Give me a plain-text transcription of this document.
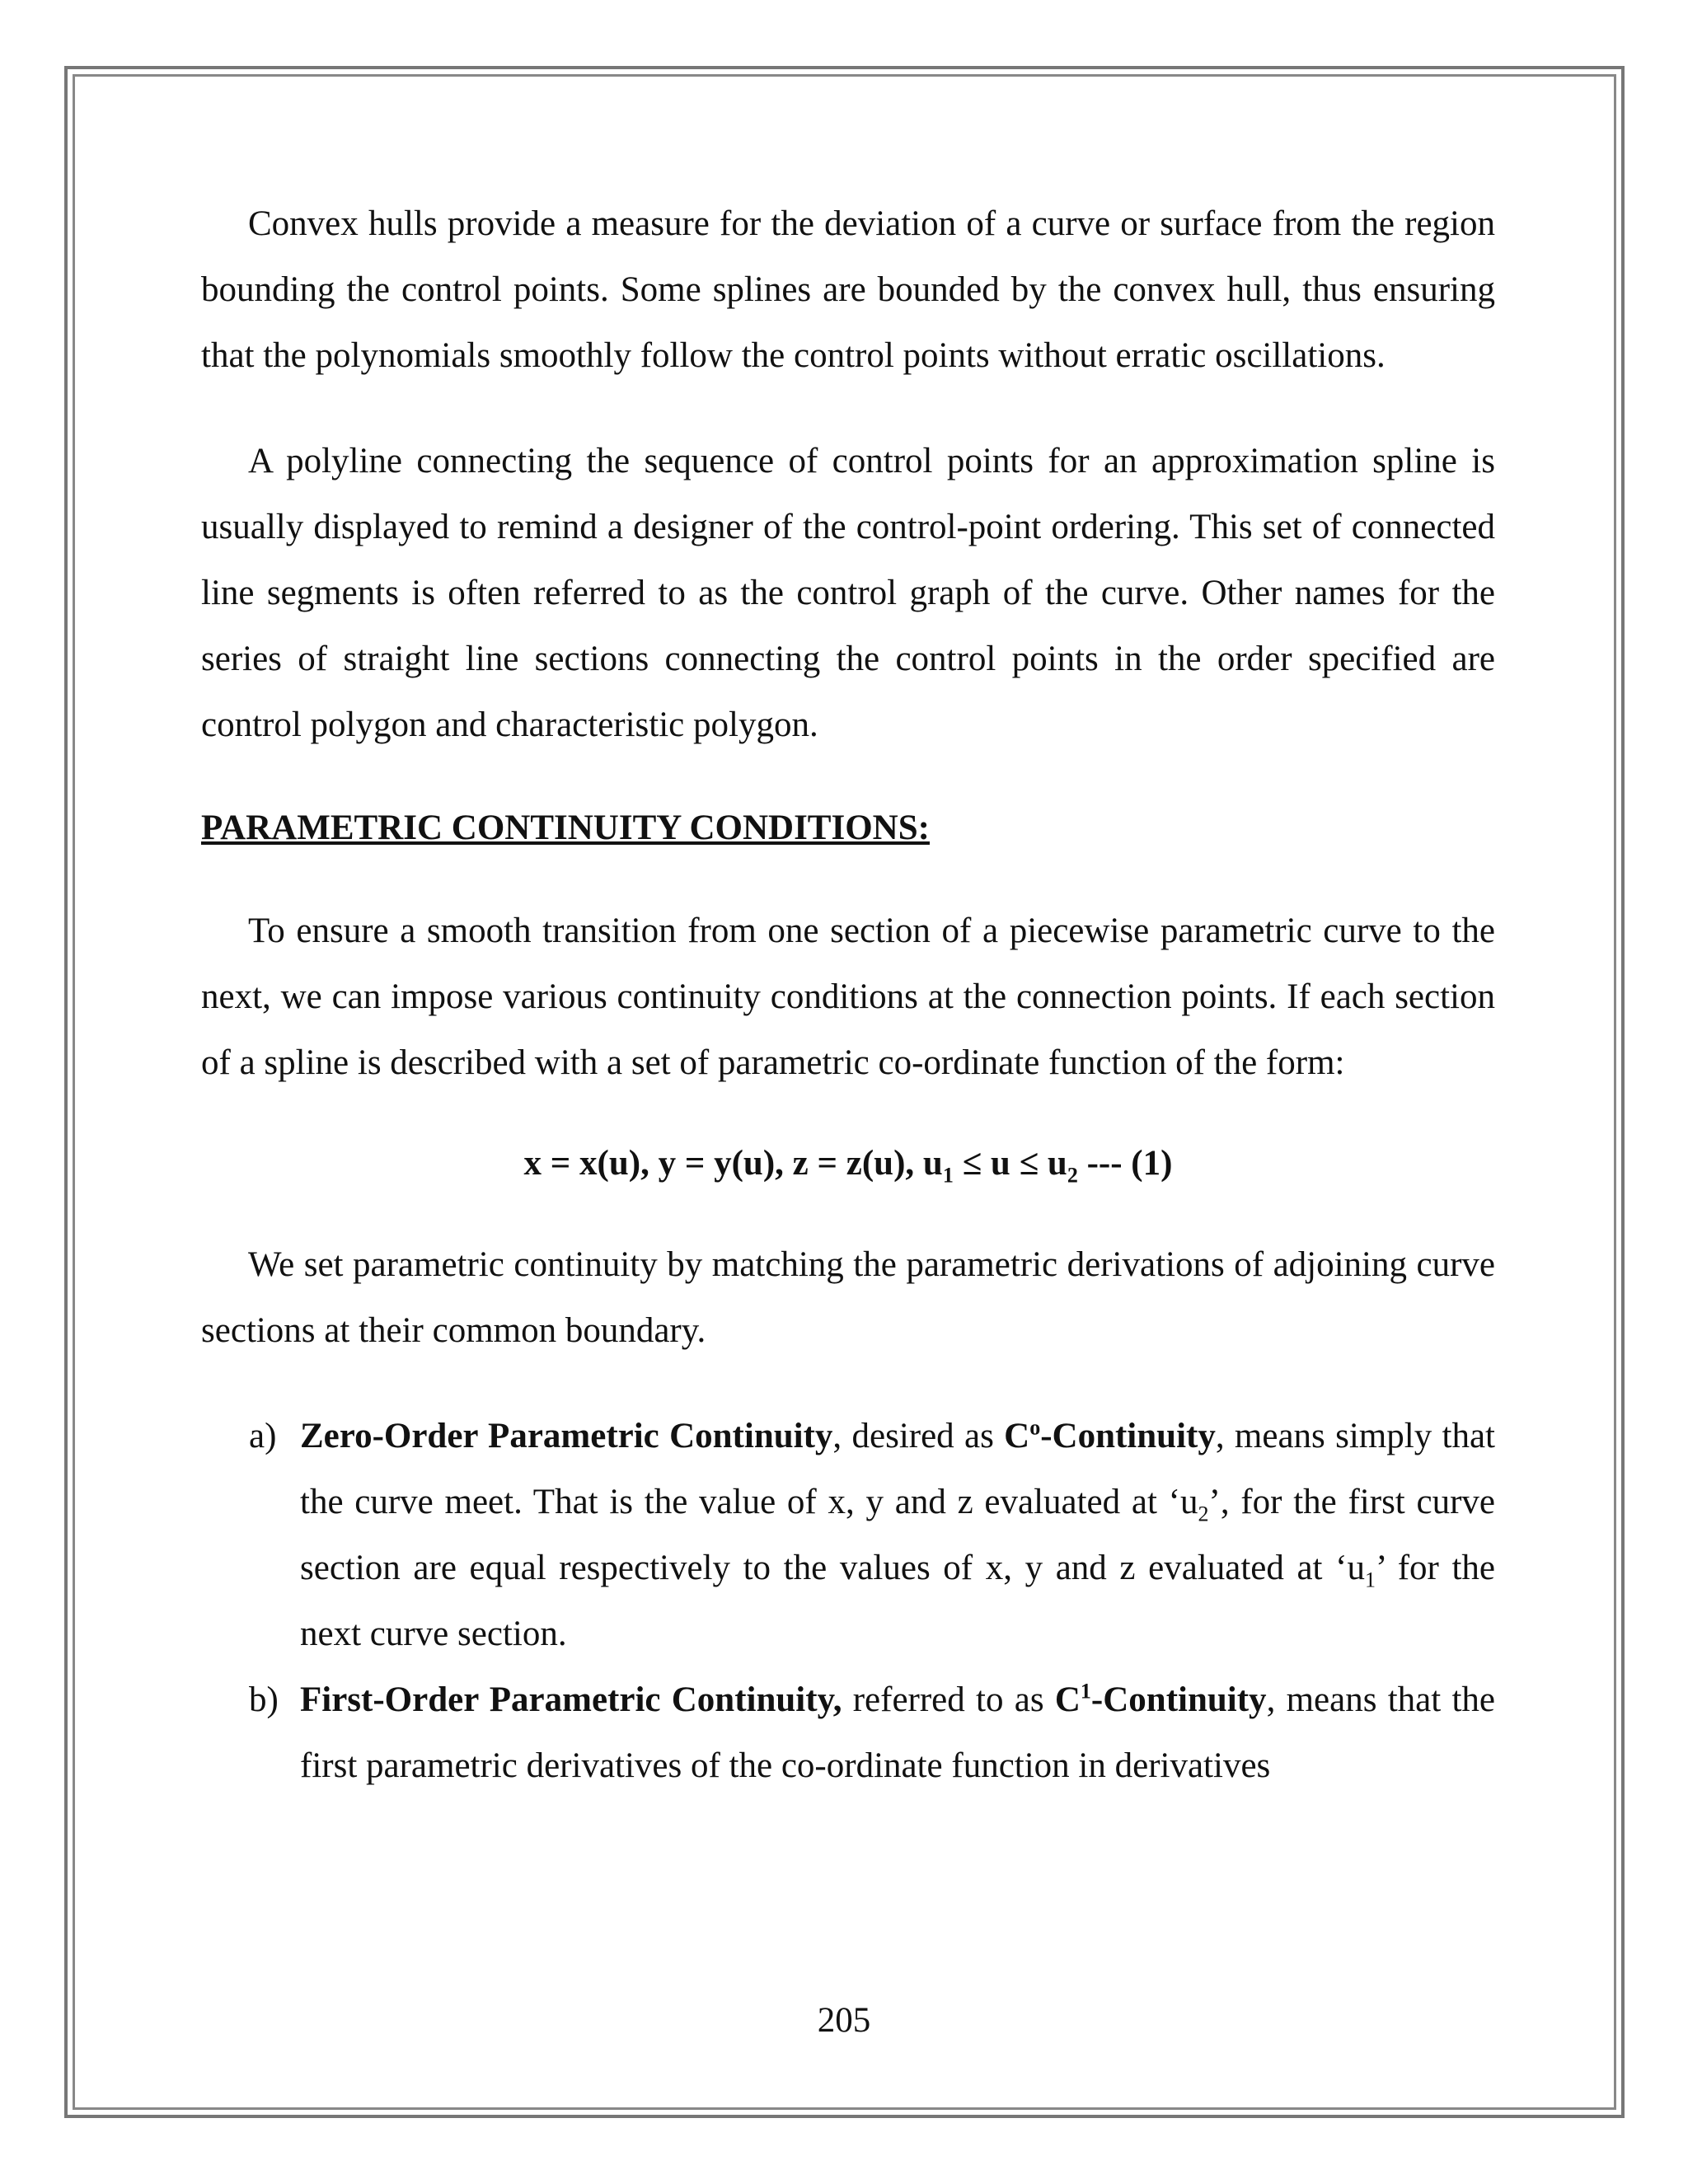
Convex hulls provide a measure for the deviation of a curve or surface from the region bounding the control points. Some splines are bounded by the convex hull, thus ensuring that the polynomials smoothly follow the control points without erratic oscillations.

A polyline connecting the sequence of control points for an approximation spline is usually displayed to remind a designer of the control-point ordering. This set of connected line segments is often referred to as the control graph of the curve. Other names for the series of straight line sections connecting the control points in the order specified are control polygon and characteristic polygon.

PARAMETRIC CONTINUITY CONDITIONS:

To ensure a smooth transition from one section of a piecewise parametric curve to the next, we can impose various continuity conditions at the connection points. If each section of a spline is described with a set of parametric co-ordinate function of the form:

x = x(u), y = y(u), z = z(u), $u_1 \le u \le u_2$ --- (1)

We set parametric continuity by matching the parametric derivations of adjoining curve sections at their common boundary.

a) Zero-Order Parametric Continuity, desired as $C^o$-Continuity, means simply that the curve meet. That is the value of x, y and z evaluated at ‘$u_2$’, for the first curve section are equal respectively to the values of x, y and z evaluated at ‘$u_1$’ for the next curve section.
b) First-Order Parametric Continuity, referred to as $C^1$-Continuity, means that the first parametric derivatives of the co-ordinate function in derivatives
205
